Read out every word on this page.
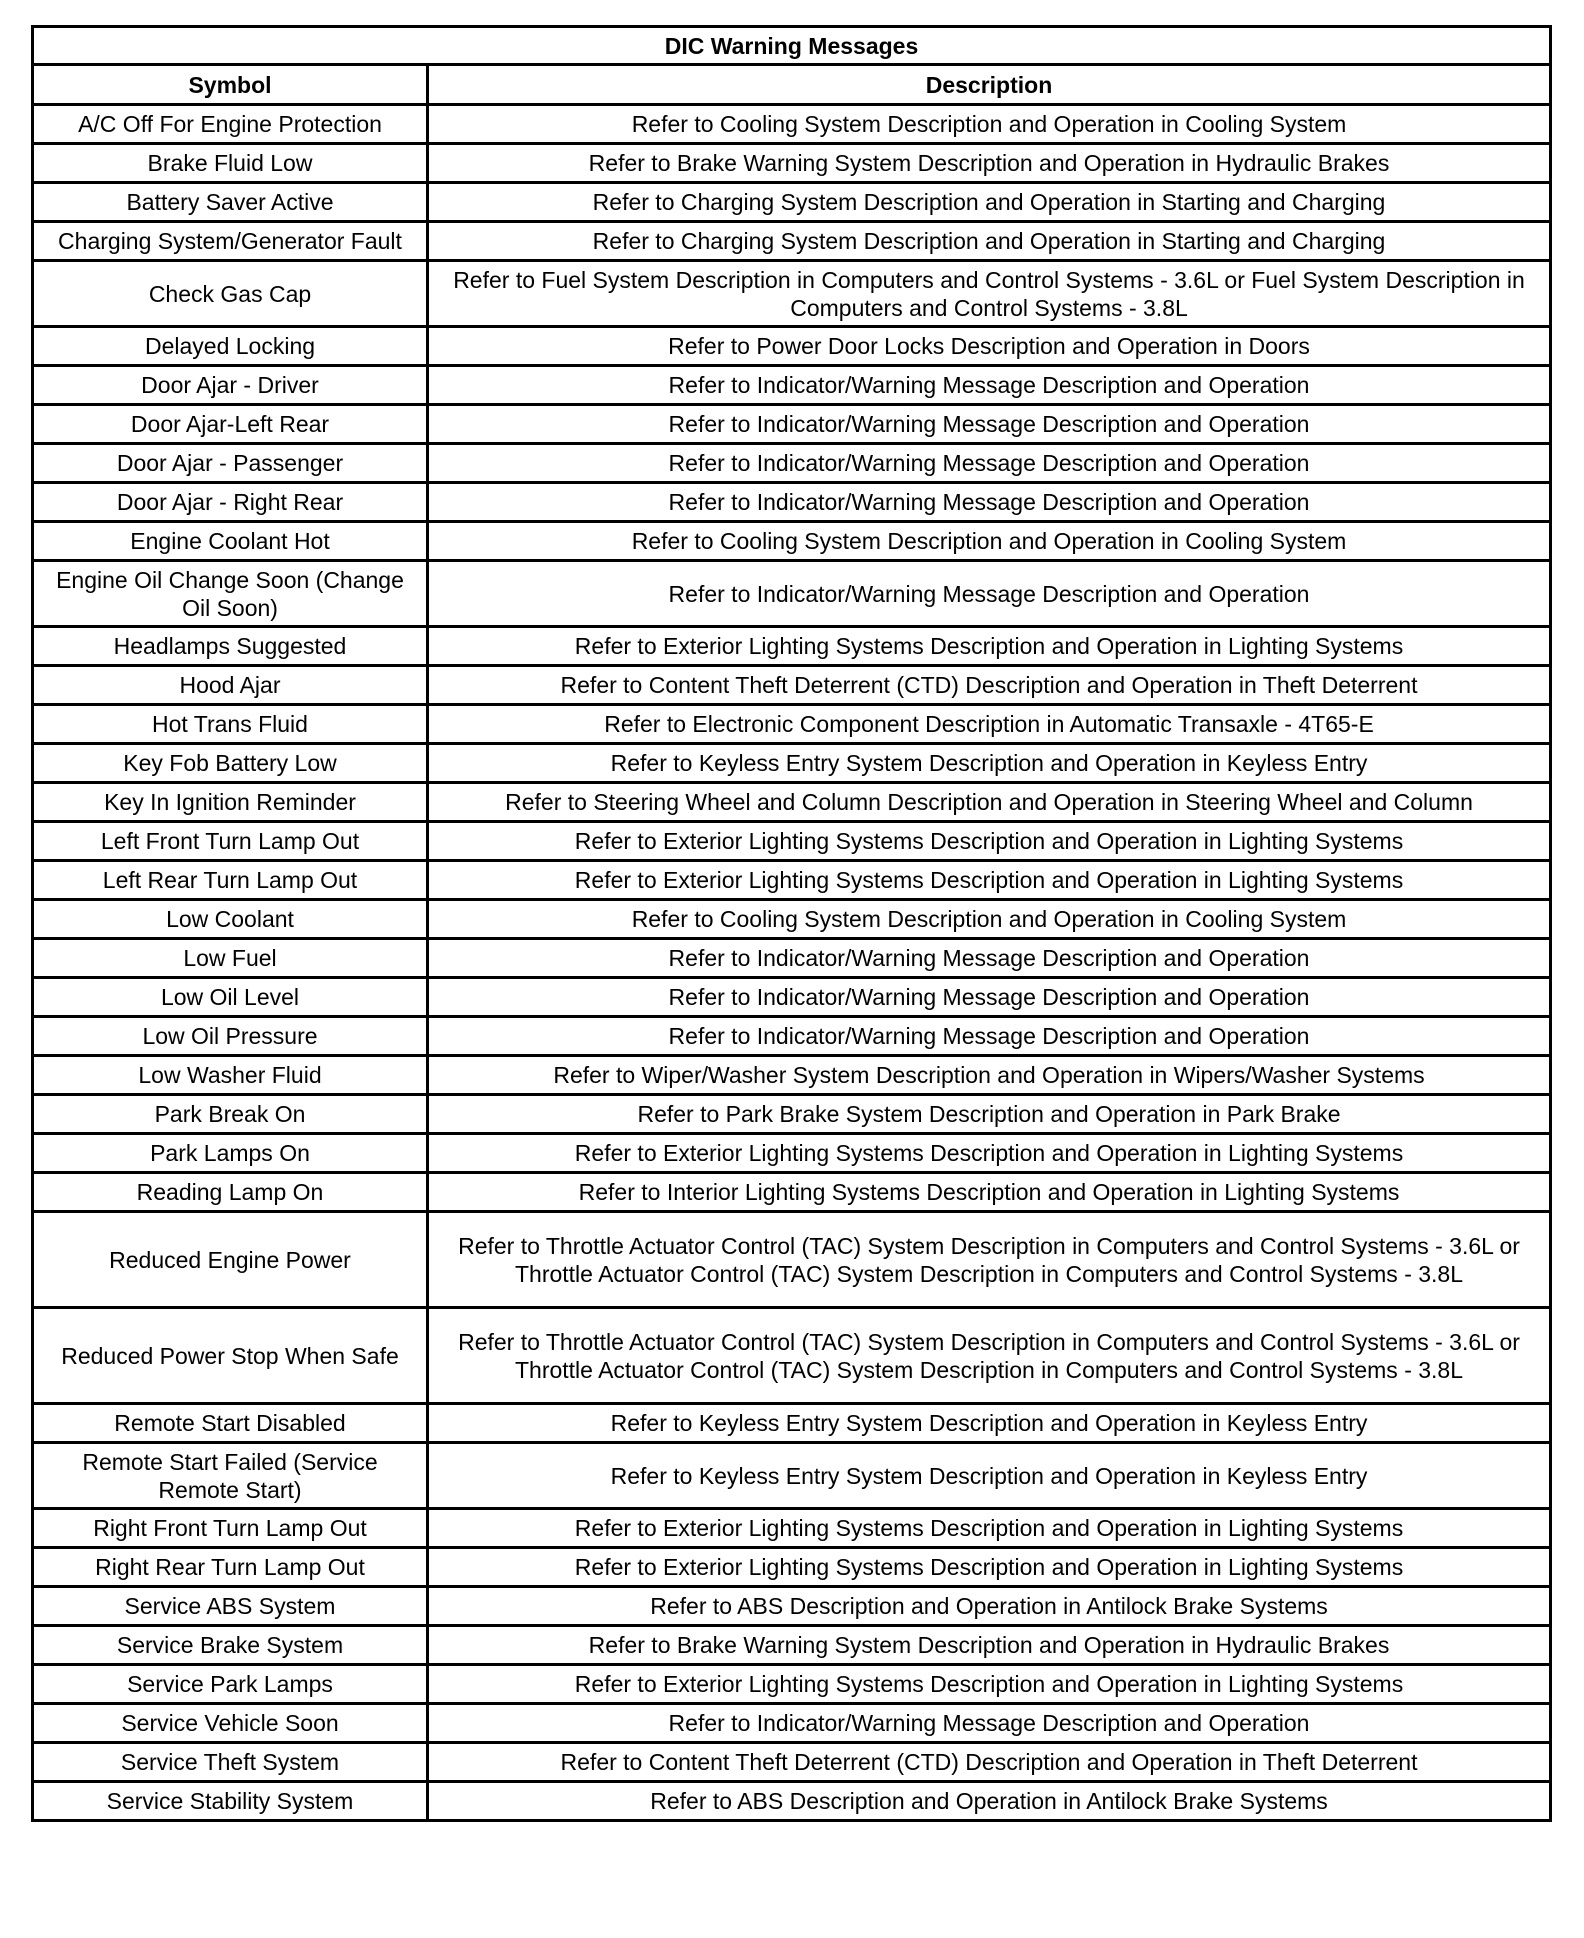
DIC Warning Messages	
Symbol	Description
A/C Off For Engine Protection	Refer to Cooling System Description and Operation in Cooling System
Brake Fluid Low	Refer to Brake Warning System Description and Operation in Hydraulic Brakes
Battery Saver Active	Refer to Charging System Description and Operation in Starting and Charging
Charging System/Generator Fault	Refer to Charging System Description and Operation in Starting and Charging
Check Gas Cap	Refer to Fuel System Description in Computers and Control Systems - 3.6L or Fuel System Description in Computers and Control Systems - 3.8L
Delayed Locking	Refer to Power Door Locks Description and Operation in Doors
Door Ajar - Driver	Refer to Indicator/Warning Message Description and Operation
Door Ajar-Left Rear	Refer to Indicator/Warning Message Description and Operation
Door Ajar - Passenger	Refer to Indicator/Warning Message Description and Operation
Door Ajar - Right Rear	Refer to Indicator/Warning Message Description and Operation
Engine Coolant Hot	Refer to Cooling System Description and Operation in Cooling System
Engine Oil Change Soon (Change Oil Soon)	Refer to Indicator/Warning Message Description and Operation
Headlamps Suggested	Refer to Exterior Lighting Systems Description and Operation in Lighting Systems
Hood Ajar	Refer to Content Theft Deterrent (CTD) Description and Operation in Theft Deterrent
Hot Trans Fluid	Refer to Electronic Component Description in Automatic Transaxle - 4T65-E
Key Fob Battery Low	Refer to Keyless Entry System Description and Operation in Keyless Entry
Key In Ignition Reminder	Refer to Steering Wheel and Column Description and Operation in Steering Wheel and Column
Left Front Turn Lamp Out	Refer to Exterior Lighting Systems Description and Operation in Lighting Systems
Left Rear Turn Lamp Out	Refer to Exterior Lighting Systems Description and Operation in Lighting Systems
Low Coolant	Refer to Cooling System Description and Operation in Cooling System
Low Fuel	Refer to Indicator/Warning Message Description and Operation
Low Oil Level	Refer to Indicator/Warning Message Description and Operation
Low Oil Pressure	Refer to Indicator/Warning Message Description and Operation
Low Washer Fluid	Refer to Wiper/Washer System Description and Operation in Wipers/Washer Systems
Park Break On	Refer to Park Brake System Description and Operation in Park Brake
Park Lamps On	Refer to Exterior Lighting Systems Description and Operation in Lighting Systems
Reading Lamp On	Refer to Interior Lighting Systems Description and Operation in Lighting Systems
Reduced Engine Power	Refer to Throttle Actuator Control (TAC) System Description in Computers and Control Systems - 3.6L or Throttle Actuator Control (TAC) System Description in Computers and Control Systems - 3.8L
Reduced Power Stop When Safe	Refer to Throttle Actuator Control (TAC) System Description in Computers and Control Systems - 3.6L or Throttle Actuator Control (TAC) System Description in Computers and Control Systems - 3.8L
Remote Start Disabled	Refer to Keyless Entry System Description and Operation in Keyless Entry
Remote Start Failed (Service Remote Start)	Refer to Keyless Entry System Description and Operation in Keyless Entry
Right Front Turn Lamp Out	Refer to Exterior Lighting Systems Description and Operation in Lighting Systems
Right Rear Turn Lamp Out	Refer to Exterior Lighting Systems Description and Operation in Lighting Systems
Service ABS System	Refer to ABS Description and Operation in Antilock Brake Systems
Service Brake System	Refer to Brake Warning System Description and Operation in Hydraulic Brakes
Service Park Lamps	Refer to Exterior Lighting Systems Description and Operation in Lighting Systems
Service Vehicle Soon	Refer to Indicator/Warning Message Description and Operation
Service Theft System	Refer to Content Theft Deterrent (CTD) Description and Operation in Theft Deterrent
Service Stability System	Refer to ABS Description and Operation in Antilock Brake Systems
